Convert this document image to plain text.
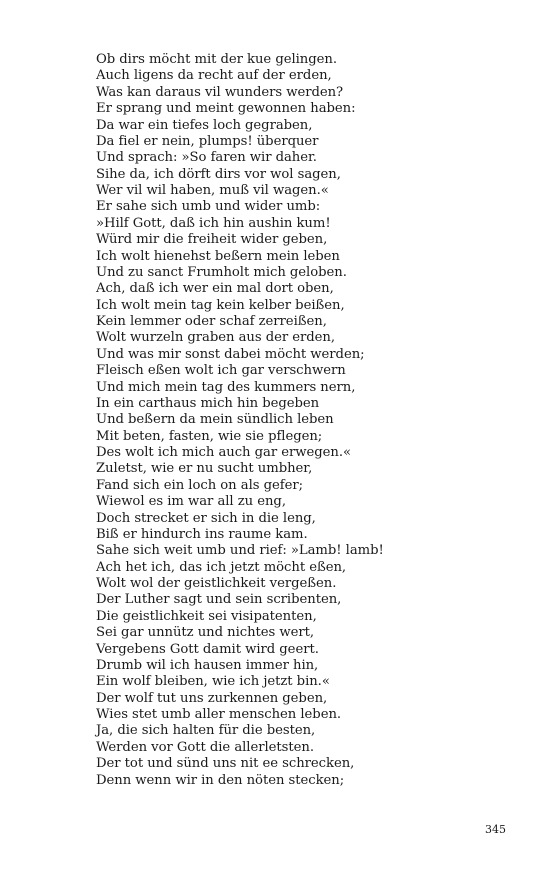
Ob dirs möcht mit der kue gelingen.
Auch ligens da recht auf der erden,
Was kan daraus vil wunders werden?
Er sprang und meint gewonnen haben:
Da war ein tiefes loch gegraben,
Da fiel er nein, plumps! überquer
Und sprach: »So faren wir daher.
Sihe da, ich dörft dirs vor wol sagen,
Wer vil wil haben, muß vil wagen.«
Er sahe sich umb und wider umb:
»Hilf Gott, daß ich hin aushin kum!
Würd mir die freiheit wider geben,
Ich wolt hienehst beßern mein leben
Und zu sanct Frumholt mich geloben.
Ach, daß ich wer ein mal dort oben,
Ich wolt mein tag kein kelber beißen,
Kein lemmer oder schaf zerreißen,
Wolt wurzeln graben aus der erden,
Und was mir sonst dabei möcht werden;
Fleisch eßen wolt ich gar verschwern
Und mich mein tag des kummers nern,
In ein carthaus mich hin begeben
Und beßern da mein sündlich leben
Mit beten, fasten, wie sie pflegen;
Des wolt ich mich auch gar erwegen.«
Zuletst, wie er nu sucht umbher,
Fand sich ein loch on als gefer;
Wiewol es im war all zu eng,
Doch strecket er sich in die leng,
Biß er hindurch ins raume kam.
Sahe sich weit umb und rief: »Lamb! lamb!
Ach het ich, das ich jetzt möcht eßen,
Wolt wol der geistlichkeit vergeßen.
Der Luther sagt und sein scribenten,
Die geistlichkeit sei visipatenten,
Sei gar unnütz und nichtes wert,
Vergebens Gott damit wird geert.
Drumb wil ich hausen immer hin,
Ein wolf bleiben, wie ich jetzt bin.«
Der wolf tut uns zurkennen geben,
Wies stet umb aller menschen leben.
Ja, die sich halten für die besten,
Werden vor Gott die allerletsten.
Der tot und sünd uns nit ee schrecken,
Denn wenn wir in den nöten stecken;
345
